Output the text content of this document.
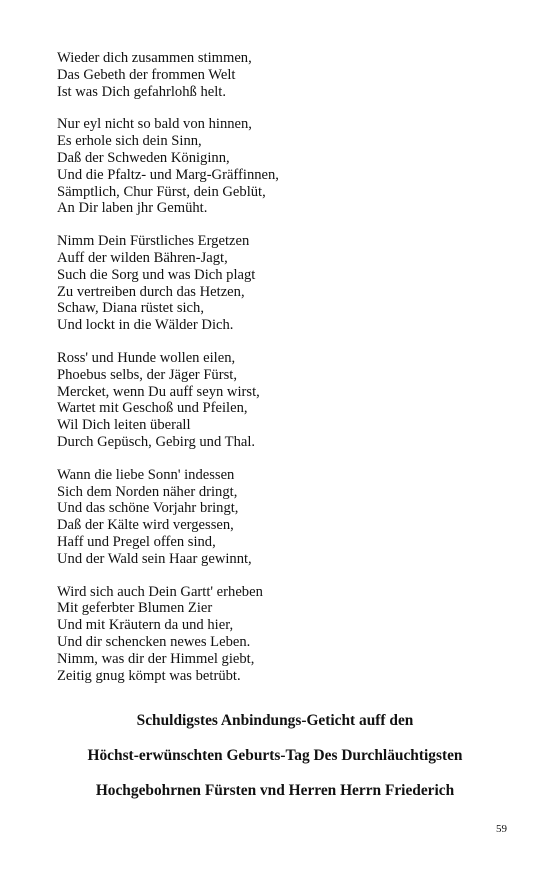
Wieder dich zusammen stimmen,
Das Gebeth der frommen Welt
Ist was Dich gefahrlohß helt.
Nur eyl nicht so bald von hinnen,
Es erhole sich dein Sinn,
Daß der Schweden Königinn,
Und die Pfaltz- und Marg-Gräffinnen,
Sämptlich, Chur Fürst, dein Geblüt,
An Dir laben jhr Gemüht.
Nimm Dein Fürstliches Ergetzen
Auff der wilden Bähren-Jagt,
Such die Sorg und was Dich plagt
Zu vertreiben durch das Hetzen,
Schaw, Diana rüstet sich,
Und lockt in die Wälder Dich.
Ross' und Hunde wollen eilen,
Phoebus selbs, der Jäger Fürst,
Mercket, wenn Du auff seyn wirst,
Wartet mit Geschoß und Pfeilen,
Wil Dich leiten überall
Durch Gepüsch, Gebirg und Thal.
Wann die liebe Sonn' indessen
Sich dem Norden näher dringt,
Und das schöne Vorjahr bringt,
Daß der Kälte wird vergessen,
Haff und Pregel offen sind,
Und der Wald sein Haar gewinnt,
Wird sich auch Dein Gartt' erheben
Mit geferbter Blumen Zier
Und mit Kräutern da und hier,
Und dir schencken newes Leben.
Nimm, was dir der Himmel giebt,
Zeitig gnug kömpt was betrübt.
Schuldigstes Anbindungs-Geticht auff den
Höchst-erwünschten Geburts-Tag Des Durchläuchtigsten
Hochgebohrnen Fürsten vnd Herren Herrn Friederich
59
